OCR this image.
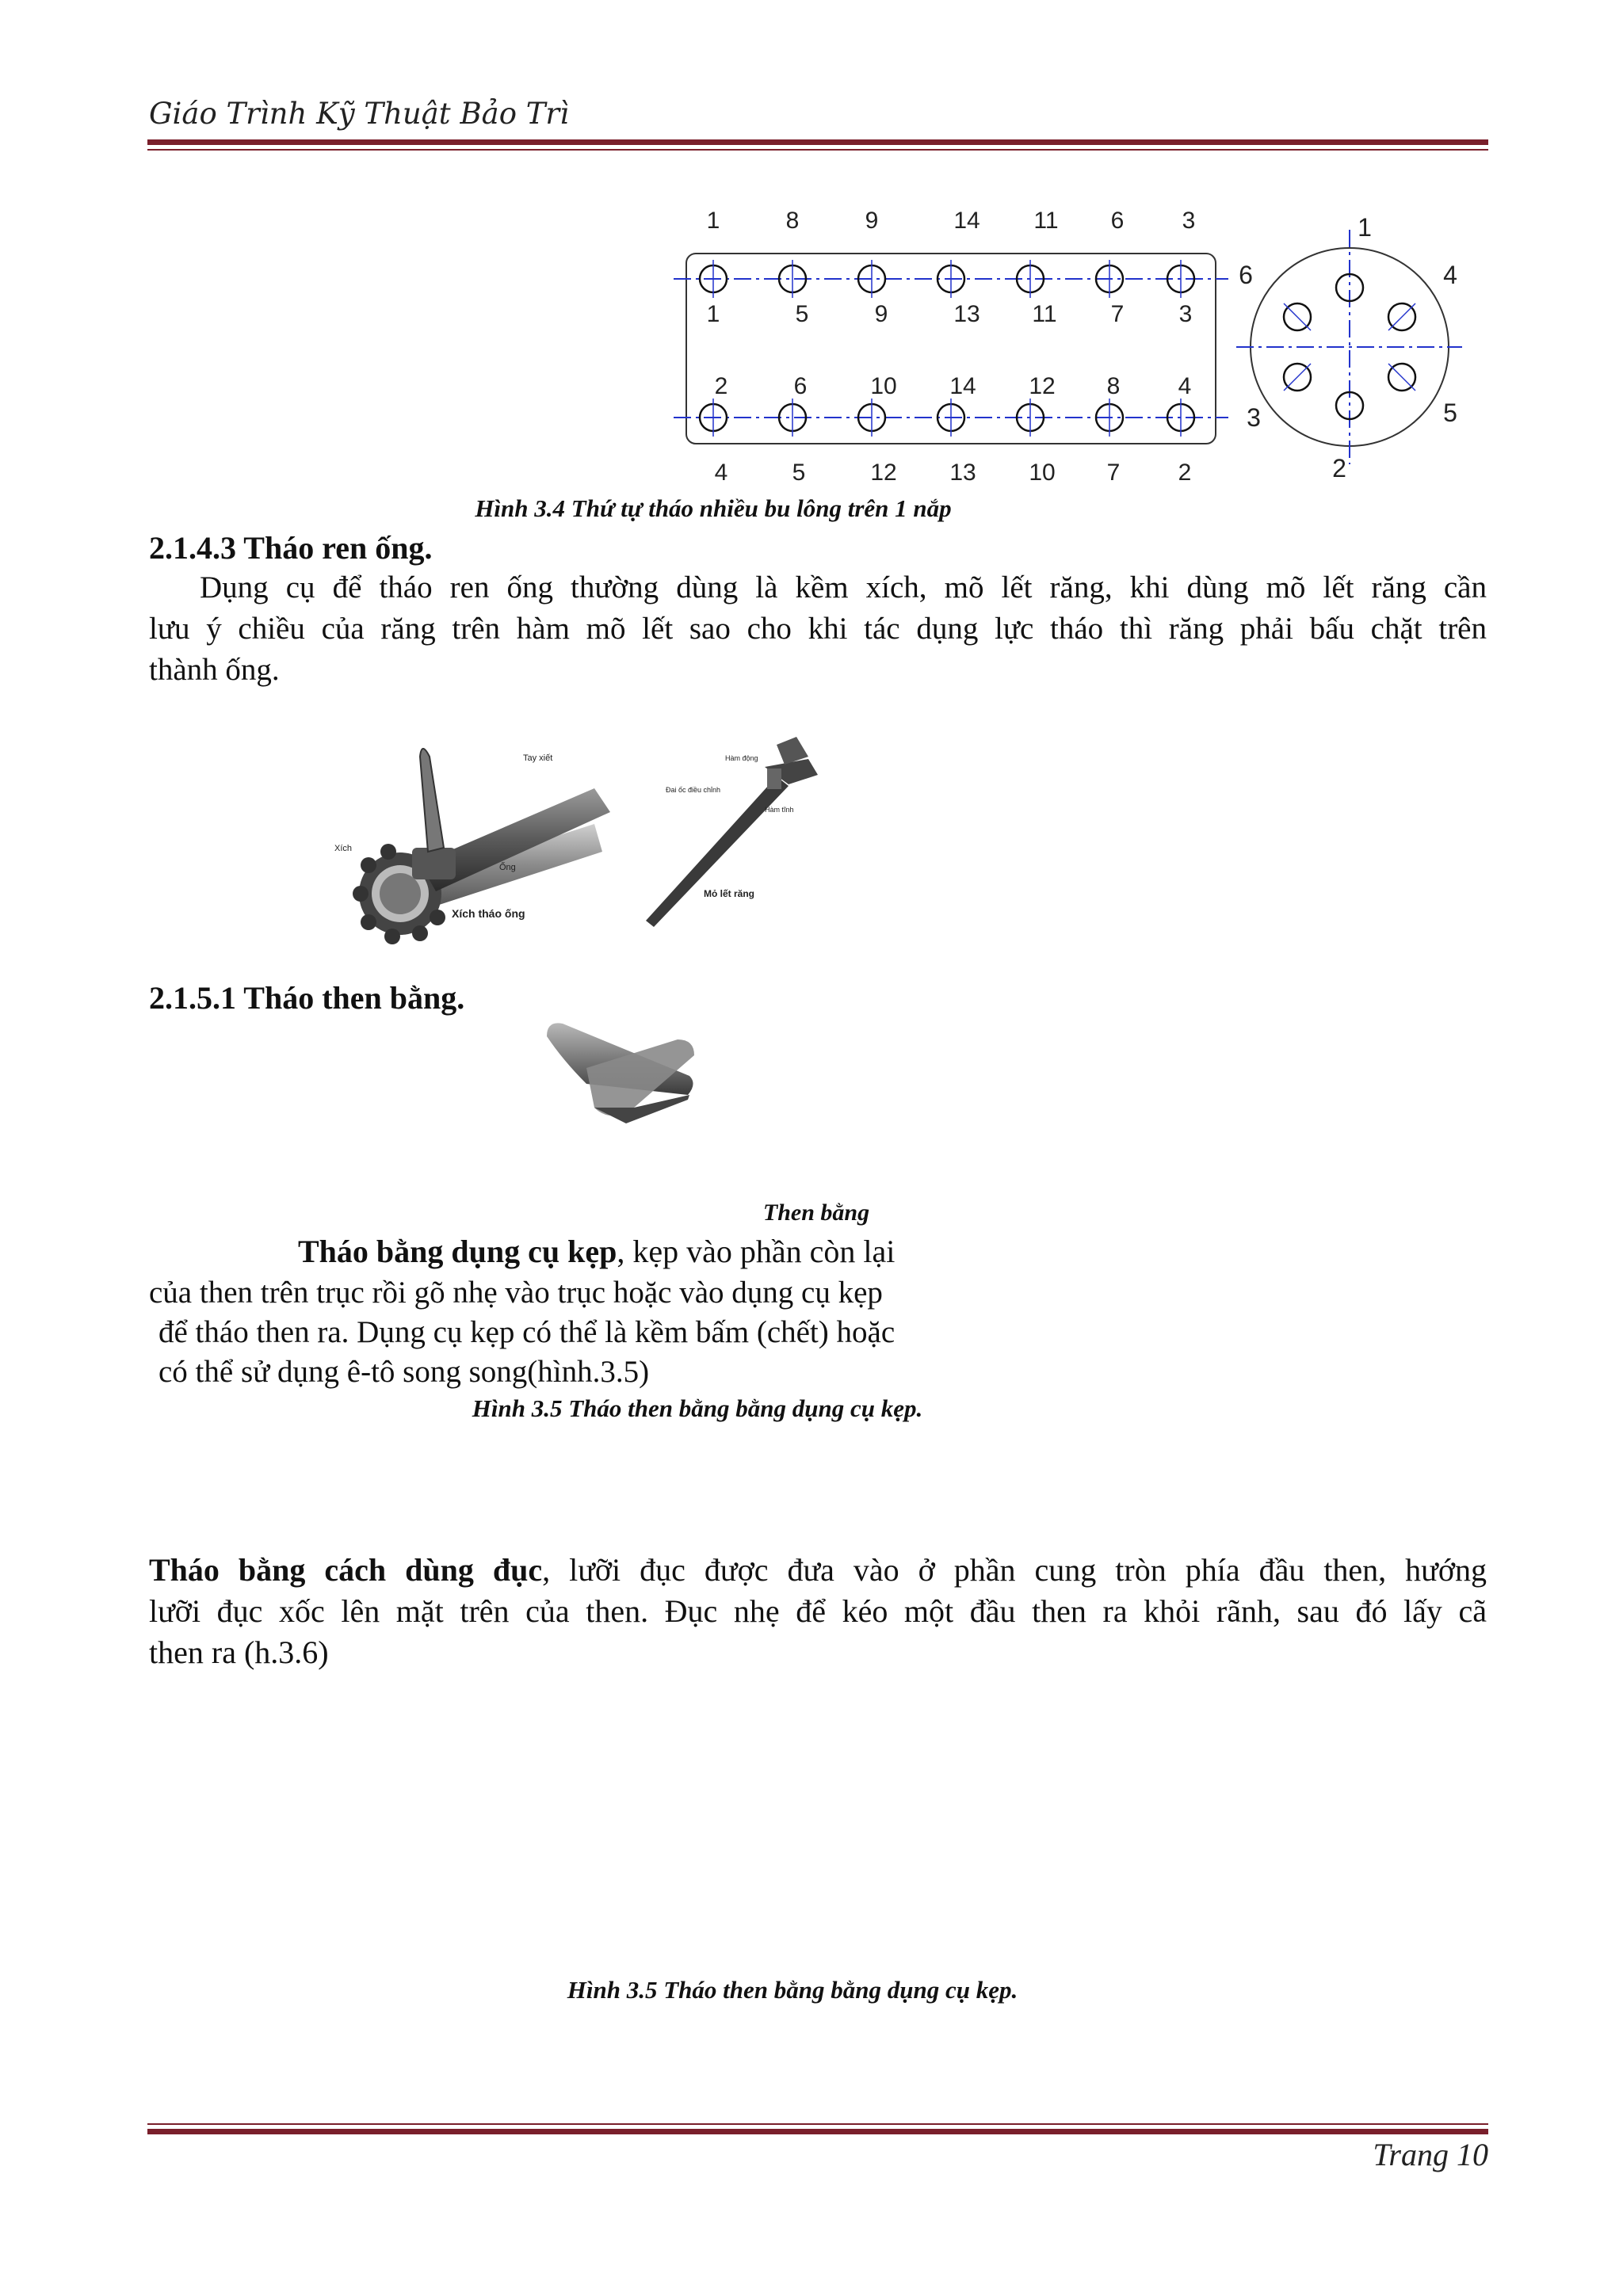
Giáo Trình Kỹ Thuật Bảo Trì
1	8	9	14 11 6 3
1	5	9	13 11 7 3
2	6	10 14 12 8 4
4	5	12 13 10 7 2
1
2
3
4
5
6
Hình 3.4 Thứ tự tháo nhiều bu lông trên 1 nắp
2.1.4.3 Tháo ren ống.
Dụng cụ để tháo ren ống thường dùng là kềm xích, mõ lết răng, khi dùng mõ lết răng cần
lưu ý chiều của răng trên hàm mõ lết sao cho khi tác dụng lực tháo thì răng phải bấu chặt trên
thành ống.
Tay xiết
Xích
Ống
Xích tháo ống
Hàm động
Đai ốc điều chỉnh
Hàm tĩnh
Mỏ lết răng
2.1.5.1 Tháo then bằng.
Then bằng
Tháo bằng dụng cụ kẹp, kẹp vào phần còn lại
của then trên trục rồi gõ nhẹ vào trục hoặc vào dụng cụ kẹp
để tháo then ra. Dụng cụ kẹp có thể là kềm bấm (chết) hoặc
có thể sử dụng ê-tô song song(hình.3.5)
Hình 3.5 Tháo then bằng bằng dụng cụ kẹp.
Tháo bằng cách dùng đục, lưỡi đục được đưa vào ở phần cung tròn phía đầu then, hướng
lưỡi đục xốc lên mặt trên của then. Đục nhẹ để kéo một đầu then ra khỏi rãnh, sau đó lấy cã
then ra (h.3.6)
Hình 3.5 Tháo then bằng bằng dụng cụ kẹp.
Trang 10
